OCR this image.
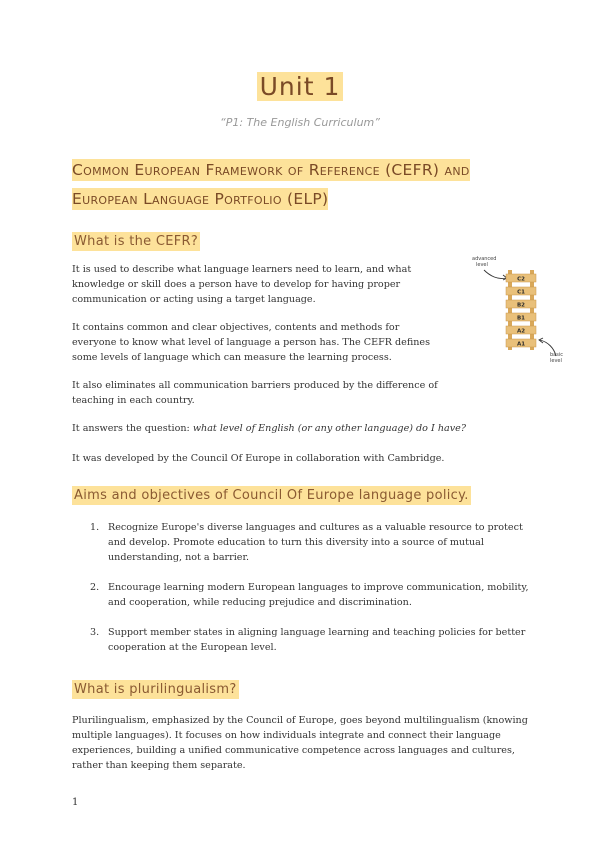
Unit 1
“P1: The English Curriculum”
Common European Framework of Reference (CEFR) and European Language Portfolio (ELP)
What is the CEFR?

It is used to describe what language learners need to learn, and what knowledge or skill does a person have to develop for having proper communication or acting using a target language.

It contains common and clear objectives, contents and methods for everyone to know what level of language a person has. The CEFR defines some levels of language which can measure the learning process.

It also eliminates all communication barriers produced by the difference of teaching in each country.

It answers the question: what level of English (or any other language) do I have?

It was developed by the Council Of Europe in collaboration with Cambridge.

advanced level
C2
C1
B2
B1
A2
A1
basic level
Aims and objectives of Council Of Europe language policy.
1. Recognize Europe's diverse languages and cultures as a valuable resource to protect and develop. Promote education to turn this diversity into a source of mutual understanding, not a barrier.
2. Encourage learning modern European languages to improve communication, mobility, and cooperation, while reducing prejudice and discrimination.
3. Support member states in aligning language learning and teaching policies for better cooperation at the European level.
What is plurilingualism?

Plurilingualism, emphasized by the Council of Europe, goes beyond multilingualism (knowing multiple languages). It focuses on how individuals integrate and connect their language experiences, building a unified communicative competence across languages and cultures, rather than keeping them separate.

1
